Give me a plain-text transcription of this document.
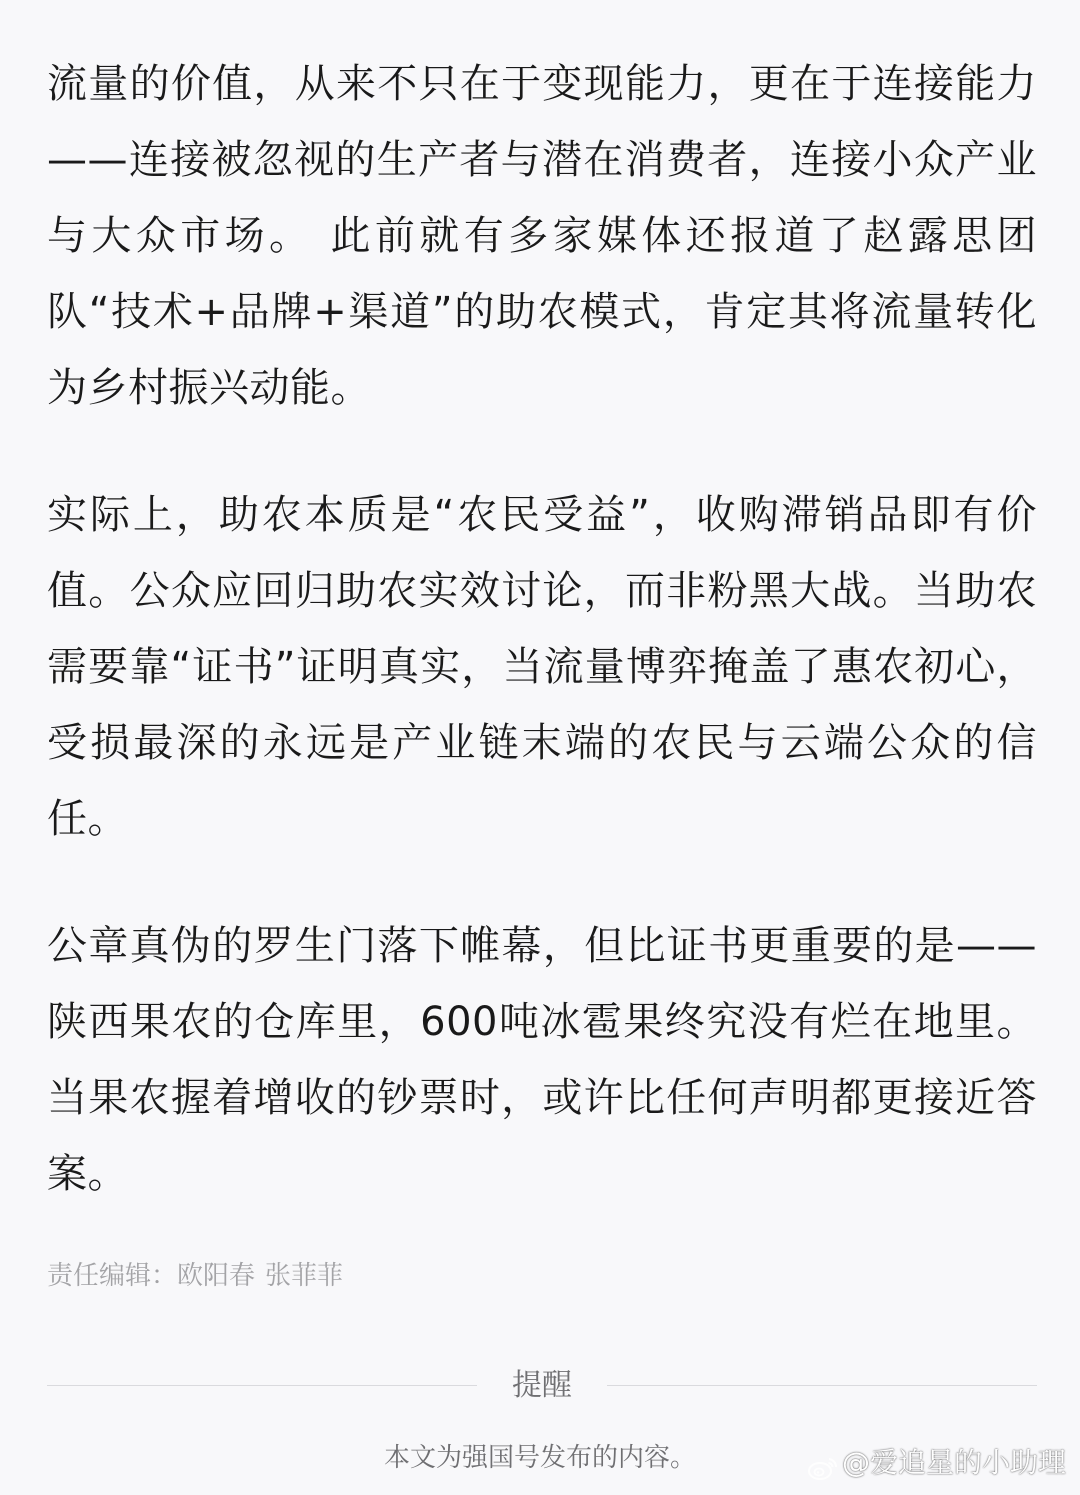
流量的价值，从来不只在于变现能力，更在于连接能力——连接被忽视的生产者与潜在消费者，连接小众产业与大众市场。 此前就有多家媒体还报道了赵露思团队“技术+品牌+渠道”的助农模式，肯定其将流量转化为乡村振兴动能。

实际上，助农本质是“农民受益”，收购滞销品即有价值。公众应回归助农实效讨论，而非粉黑大战。当助农需要靠“证书”证明真实，当流量博弈掩盖了惠农初心，受损最深的永远是产业链末端的农民与云端公众的信任。

公章真伪的罗生门落下帷幕，但比证书更重要的是——陕西果农的仓库里，600吨冰雹果终究没有烂在地里。当果农握着增收的钞票时，或许比任何声明都更接近答案。

责任编辑：欧阳春 张菲菲
提醒
本文为强国号发布的内容。	@爱追星的小助理
